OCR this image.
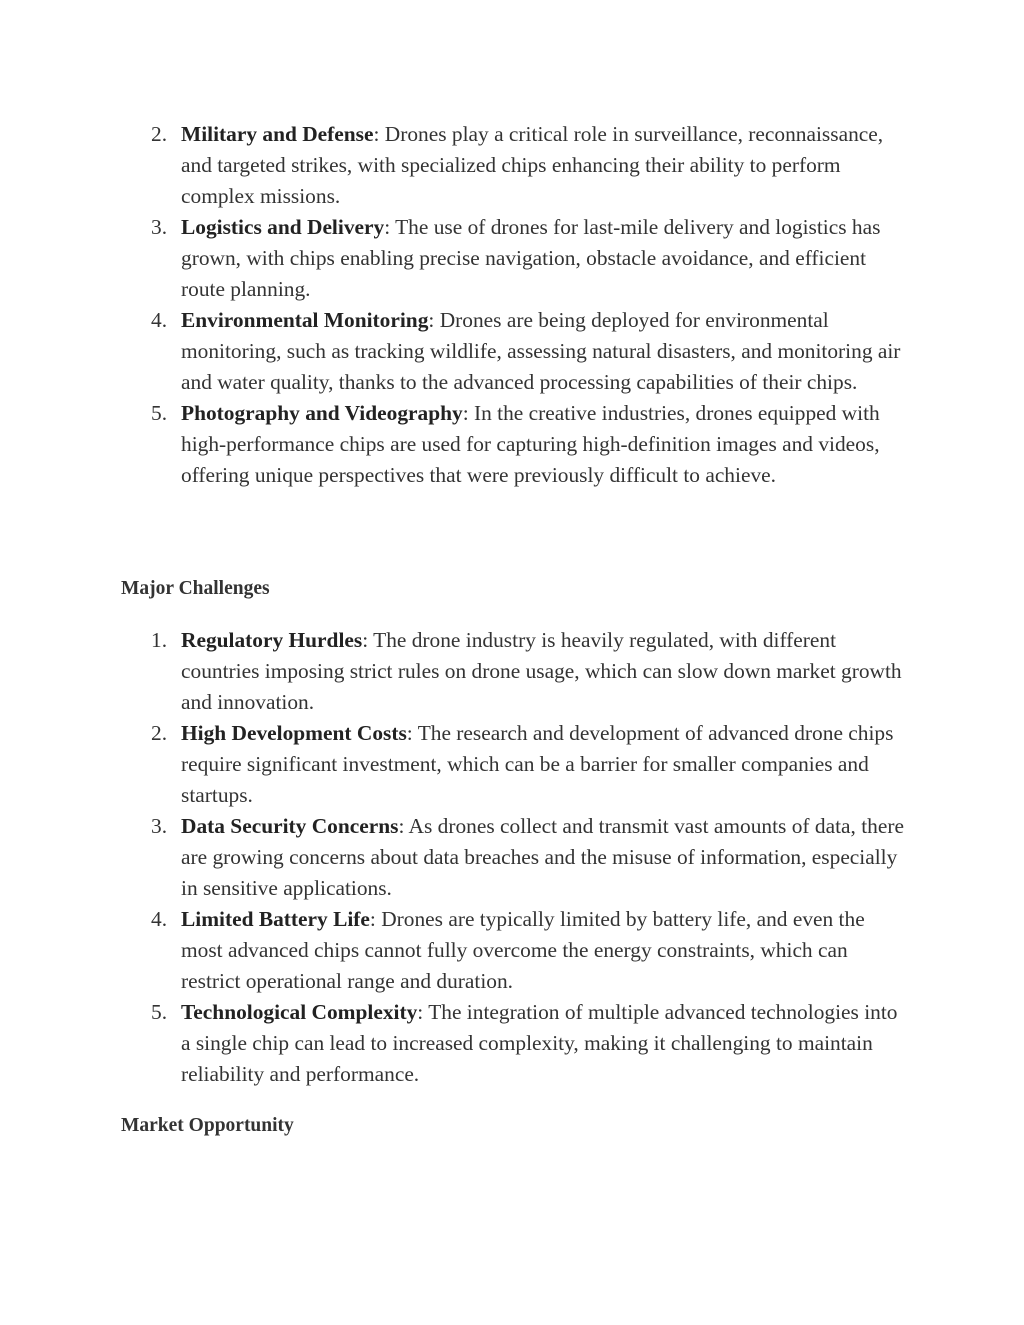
2. Military and Defense: Drones play a critical role in surveillance, reconnaissance, and targeted strikes, with specialized chips enhancing their ability to perform complex missions.
3. Logistics and Delivery: The use of drones for last-mile delivery and logistics has grown, with chips enabling precise navigation, obstacle avoidance, and efficient route planning.
4. Environmental Monitoring: Drones are being deployed for environmental monitoring, such as tracking wildlife, assessing natural disasters, and monitoring air and water quality, thanks to the advanced processing capabilities of their chips.
5. Photography and Videography: In the creative industries, drones equipped with high-performance chips are used for capturing high-definition images and videos, offering unique perspectives that were previously difficult to achieve.
Major Challenges
1. Regulatory Hurdles: The drone industry is heavily regulated, with different countries imposing strict rules on drone usage, which can slow down market growth and innovation.
2. High Development Costs: The research and development of advanced drone chips require significant investment, which can be a barrier for smaller companies and startups.
3. Data Security Concerns: As drones collect and transmit vast amounts of data, there are growing concerns about data breaches and the misuse of information, especially in sensitive applications.
4. Limited Battery Life: Drones are typically limited by battery life, and even the most advanced chips cannot fully overcome the energy constraints, which can restrict operational range and duration.
5. Technological Complexity: The integration of multiple advanced technologies into a single chip can lead to increased complexity, making it challenging to maintain reliability and performance.
Market Opportunity
